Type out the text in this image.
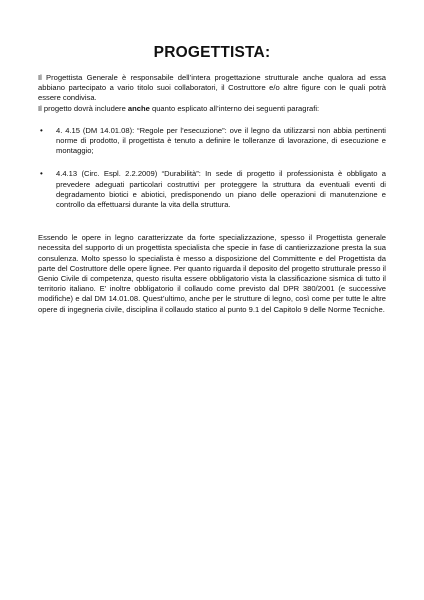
PROGETTISTA:

Il Progettista Generale è responsabile dell’intera progettazione strutturale anche qualora ad essa abbiano partecipato a vario titolo suoi collaboratori, il Costruttore e/o altre figure con le quali potrà essere condivisa.

Il progetto dovrà includere anche quanto esplicato all’interno dei seguenti paragrafi:

• 4. 4.15 (DM 14.01.08): “Regole per l’esecuzione”: ove il legno da utilizzarsi non abbia pertinenti norme di prodotto, il progettista è tenuto a definire le tolleranze di lavorazione, di esecuzione e montaggio;
• 4.4.13 (Circ. Espl. 2.2.2009) “Durabilità”: In sede di progetto il professionista è obbligato a prevedere adeguati particolari costruttivi per proteggere la struttura da eventuali eventi di degradamento biotici e abiotici, predisponendo un piano delle operazioni di manutenzione e controllo da effettuarsi durante la vita della struttura.

Essendo le opere in legno caratterizzate da forte specializzazione, spesso il Progettista generale necessita del supporto di un progettista specialista che specie in fase di cantierizzazione presta la sua consulenza. Molto spesso lo specialista è messo a disposizione del Committente e del Progettista da parte del Costruttore delle opere lignee. Per quanto riguarda il deposito del progetto strutturale presso il Genio Civile di competenza, questo risulta essere obbligatorio vista la classificazione sismica di tutto il territorio italiano. E’ inoltre obbligatorio il collaudo come previsto dal DPR 380/2001 (e successive modifiche) e dal DM 14.01.08. Quest’ultimo, anche per le strutture di legno, così come per tutte le altre opere di ingegneria civile, disciplina il collaudo statico al punto 9.1 del Capitolo 9 delle Norme Tecniche.
